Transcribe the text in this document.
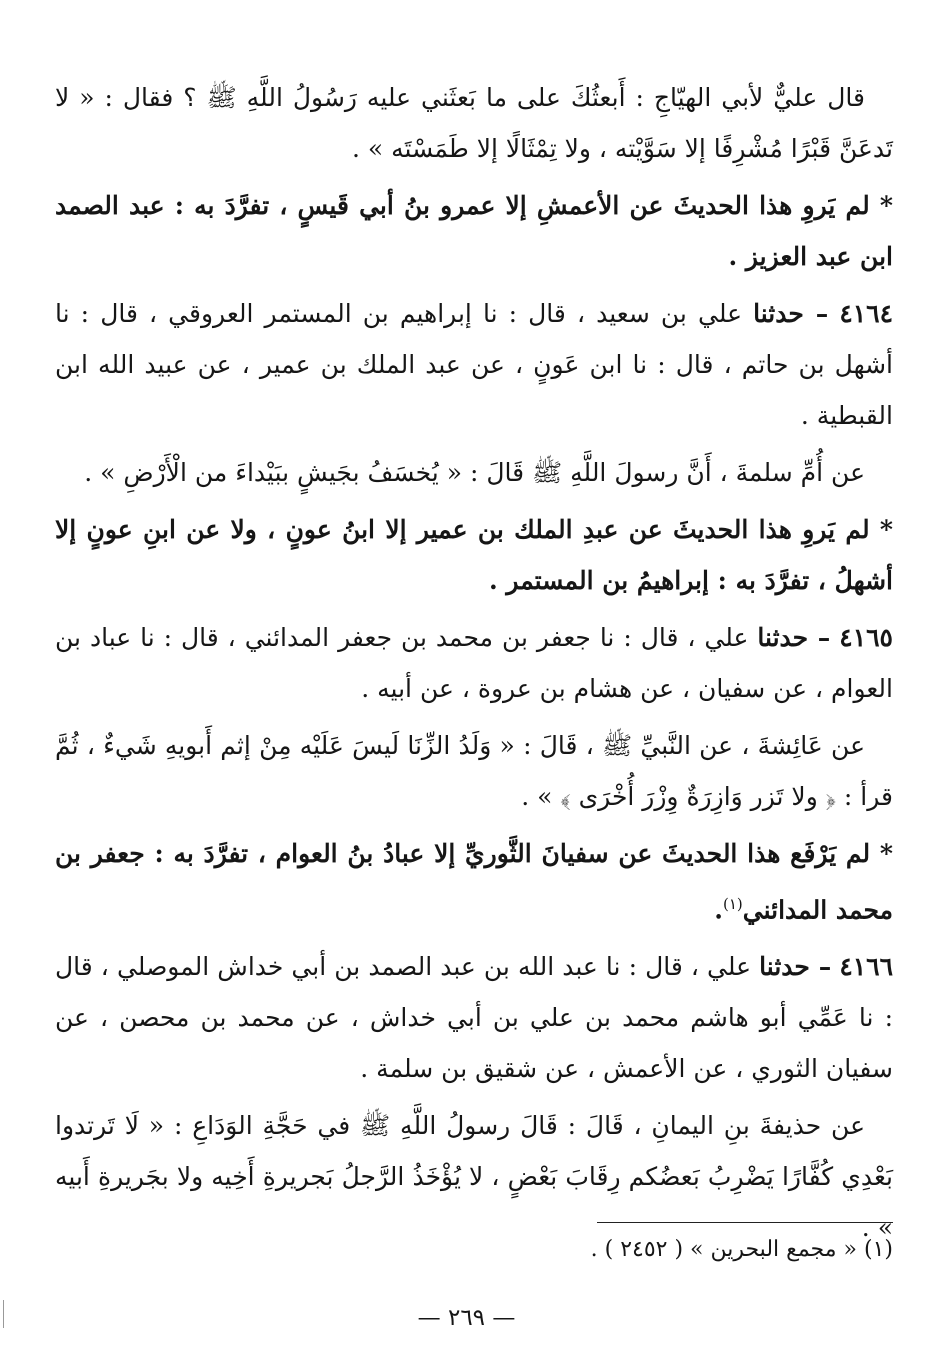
قال عليٌّ لأبي الهيّاجِ : أَبعثُكَ على ما بَعثَني عليه رَسُولُ اللَّهِ ﷺ ؟ فقال : « لا تَدعَنَّ قَبْرًا مُشْرِفًا إلا سَوَّيْته ، ولا تِمْثَالًا إلا طَمَسْتَه » .

* لم يَروِ هذا الحديثَ عن الأعمشِ إلا عمرو بنُ أبي قَيسٍ ، تفرَّدَ به : عبد الصمد ابن عبد العزيز .

٤١٦٤ – حدثنا علي بن سعيد ، قال : نا إبراهيم بن المستمر العروقي ، قال : نا أشهل بن حاتم ، قال : نا ابن عَونٍ ، عن عبد الملك بن عمير ، عن عبيد الله ابن القبطية .

عن أُمِّ سلمةَ ، أَنَّ رسولَ اللَّهِ ﷺ قَالَ : « يُخسَفُ بجَيشٍ ببَيْداءَ من الْأَرْضِ » .

* لم يَروِ هذا الحديثَ عن عبدِ الملك بن عمير إلا ابنُ عونٍ ، ولا عن ابنِ عونٍ إلا أشهلُ ، تفرَّدَ به : إبراهيمُ بن المستمر .

٤١٦٥ – حدثنا علي ، قال : نا جعفر بن محمد بن جعفر المدائني ، قال : نا عباد بن العوام ، عن سفيان ، عن هشام بن عروة ، عن أبيه .

عن عَائِشةَ ، عن النَّبيِّ ﷺ ، قَالَ : « وَلَدُ الزِّنَا لَيسَ عَلَيْه مِنْ إثم أَبويهِ شَيءٌ ، ثُمَّ قرأ : ﴿ ولا تَزر وَازِرَةٌ وِزْرَ أُخْرَى ﴾ » .

* لم يَرْفَع هذا الحديثَ عن سفيانَ الثَّوريِّ إلا عبادُ بنُ العوام ، تفرَّدَ به : جعفر بن محمد المدائني$^{(١)}$.

٤١٦٦ – حدثنا علي ، قال : نا عبد الله بن عبد الصمد بن أبي خداش الموصلي ، قال : نا عَمِّي أبو هاشم محمد بن علي بن أبي خداش ، عن محمد بن محصن ، عن سفيان الثوري ، عن الأعمش ، عن شقيق بن سلمة .

عن حذيفةَ بنِ اليمانِ ، قَالَ : قَالَ رسولُ اللَّهِ ﷺ في حَجَّةِ الوَدَاعِ : « لَا تَرتدوا بَعْدِي كُفَّارًا يَضْرِبُ بَعضُكم رِقَابَ بَعْضٍ ، لا يُؤْخَذُ الرَّجلُ بَجريرةِ أَخِيه ولا بجَريرةِ أَبيه » .

(١) « مجمع البحرين » ( ٢٤٥٢ ) .
— ٢٦٩ —
